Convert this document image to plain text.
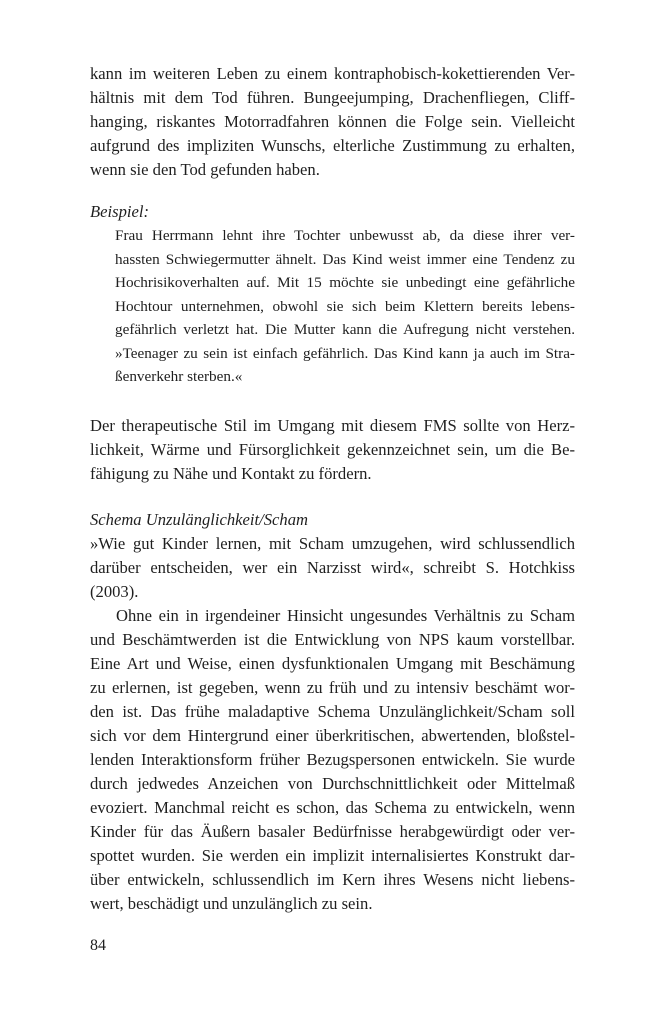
kann im weiteren Leben zu einem kontraphobisch-kokettierenden Ver-
hältnis mit dem Tod führen. Bungeejumping, Drachenfliegen, Cliff-
hanging, riskantes Motorradfahren können die Folge sein. Vielleicht
aufgrund des impliziten Wunschs, elterliche Zustimmung zu erhalten,
wenn sie den Tod gefunden haben.
Beispiel:
Frau Herrmann lehnt ihre Tochter unbewusst ab, da diese ihrer ver-
hassten Schwiegermutter ähnelt. Das Kind weist immer eine Tendenz zu
Hochrisikoverhalten auf. Mit 15 möchte sie unbedingt eine gefährliche
Hochtour unternehmen, obwohl sie sich beim Klettern bereits lebens-
gefährlich verletzt hat. Die Mutter kann die Aufregung nicht verstehen.
»Teenager zu sein ist einfach gefährlich. Das Kind kann ja auch im Stra-
ßenverkehr sterben.«
Der therapeutische Stil im Umgang mit diesem FMS sollte von Herz-
lichkeit, Wärme und Fürsorglichkeit gekennzeichnet sein, um die Be-
fähigung zu Nähe und Kontakt zu fördern.
Schema Unzulänglichkeit/Scham
»Wie gut Kinder lernen, mit Scham umzugehen, wird schlussendlich
darüber entscheiden, wer ein Narzisst wird«, schreibt S. Hotchkiss
(2003).
Ohne ein in irgendeiner Hinsicht ungesundes Verhältnis zu Scham
und Beschämtwerden ist die Entwicklung von NPS kaum vorstellbar.
Eine Art und Weise, einen dysfunktionalen Umgang mit Beschämung
zu erlernen, ist gegeben, wenn zu früh und zu intensiv beschämt wor-
den ist. Das frühe maladaptive Schema Unzulänglichkeit/Scham soll
sich vor dem Hintergrund einer überkritischen, abwertenden, bloßstel-
lenden Interaktionsform früher Bezugspersonen entwickeln. Sie wurde
durch jedwedes Anzeichen von Durchschnittlichkeit oder Mittelmaß
evoziert. Manchmal reicht es schon, das Schema zu entwickeln, wenn
Kinder für das Äußern basaler Bedürfnisse herabgewürdigt oder ver-
spottet wurden. Sie werden ein implizit internalisiertes Konstrukt dar-
über entwickeln, schlussendlich im Kern ihres Wesens nicht liebens-
wert, beschädigt und unzulänglich zu sein.
84
